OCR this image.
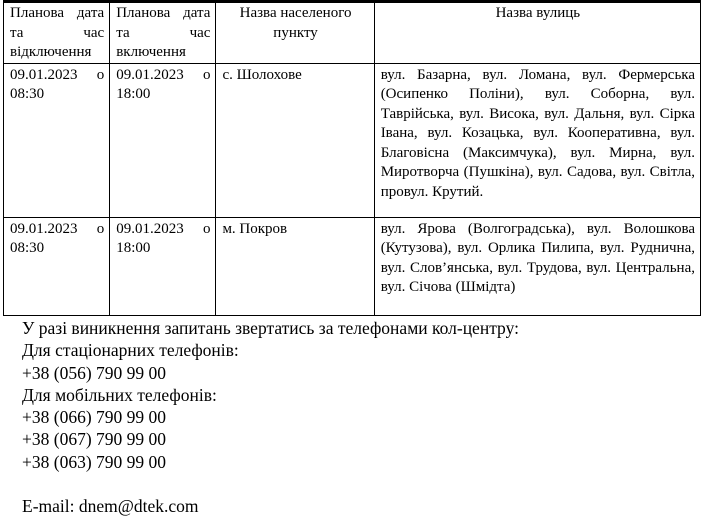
Планова дата та час відключення	Планова дата та час включення	Назва населеного пункту	Назва вулиць
09.01.2023 о 08:30	09.01.2023 о 18:00	с. Шолохове	вул. Базарна, вул. Ломана, вул. Фермерська (Осипенко Поліни), вул. Соборна, вул. Таврійська, вул. Висока, вул. Дальня, вул. Сірка Івана, вул. Козацька, вул. Кооперативна, вул. Благовісна (Максимчука), вул. Мирна, вул. Миротворча (Пушкіна), вул. Садова, вул. Світла, провул. Крутий.
09.01.2023 о 08:30	09.01.2023 о 18:00	м. Покров	вул. Ярова (Волгоградська), вул. Волошкова (Кутузова), вул. Орлика Пилипа, вул. Руднична, вул. Слов’янська, вул. Трудова, вул. Центральна, вул. Січова (Шмідта)
У разі виникнення запитань звертатись за телефонами кол-центру:
Для стаціонарних телефонів:
+38 (056) 790 99 00
Для мобільних телефонів:
+38 (066) 790 99 00
+38 (067) 790 99 00
+38 (063) 790 99 00
E-mail: dnem@dtek.com
